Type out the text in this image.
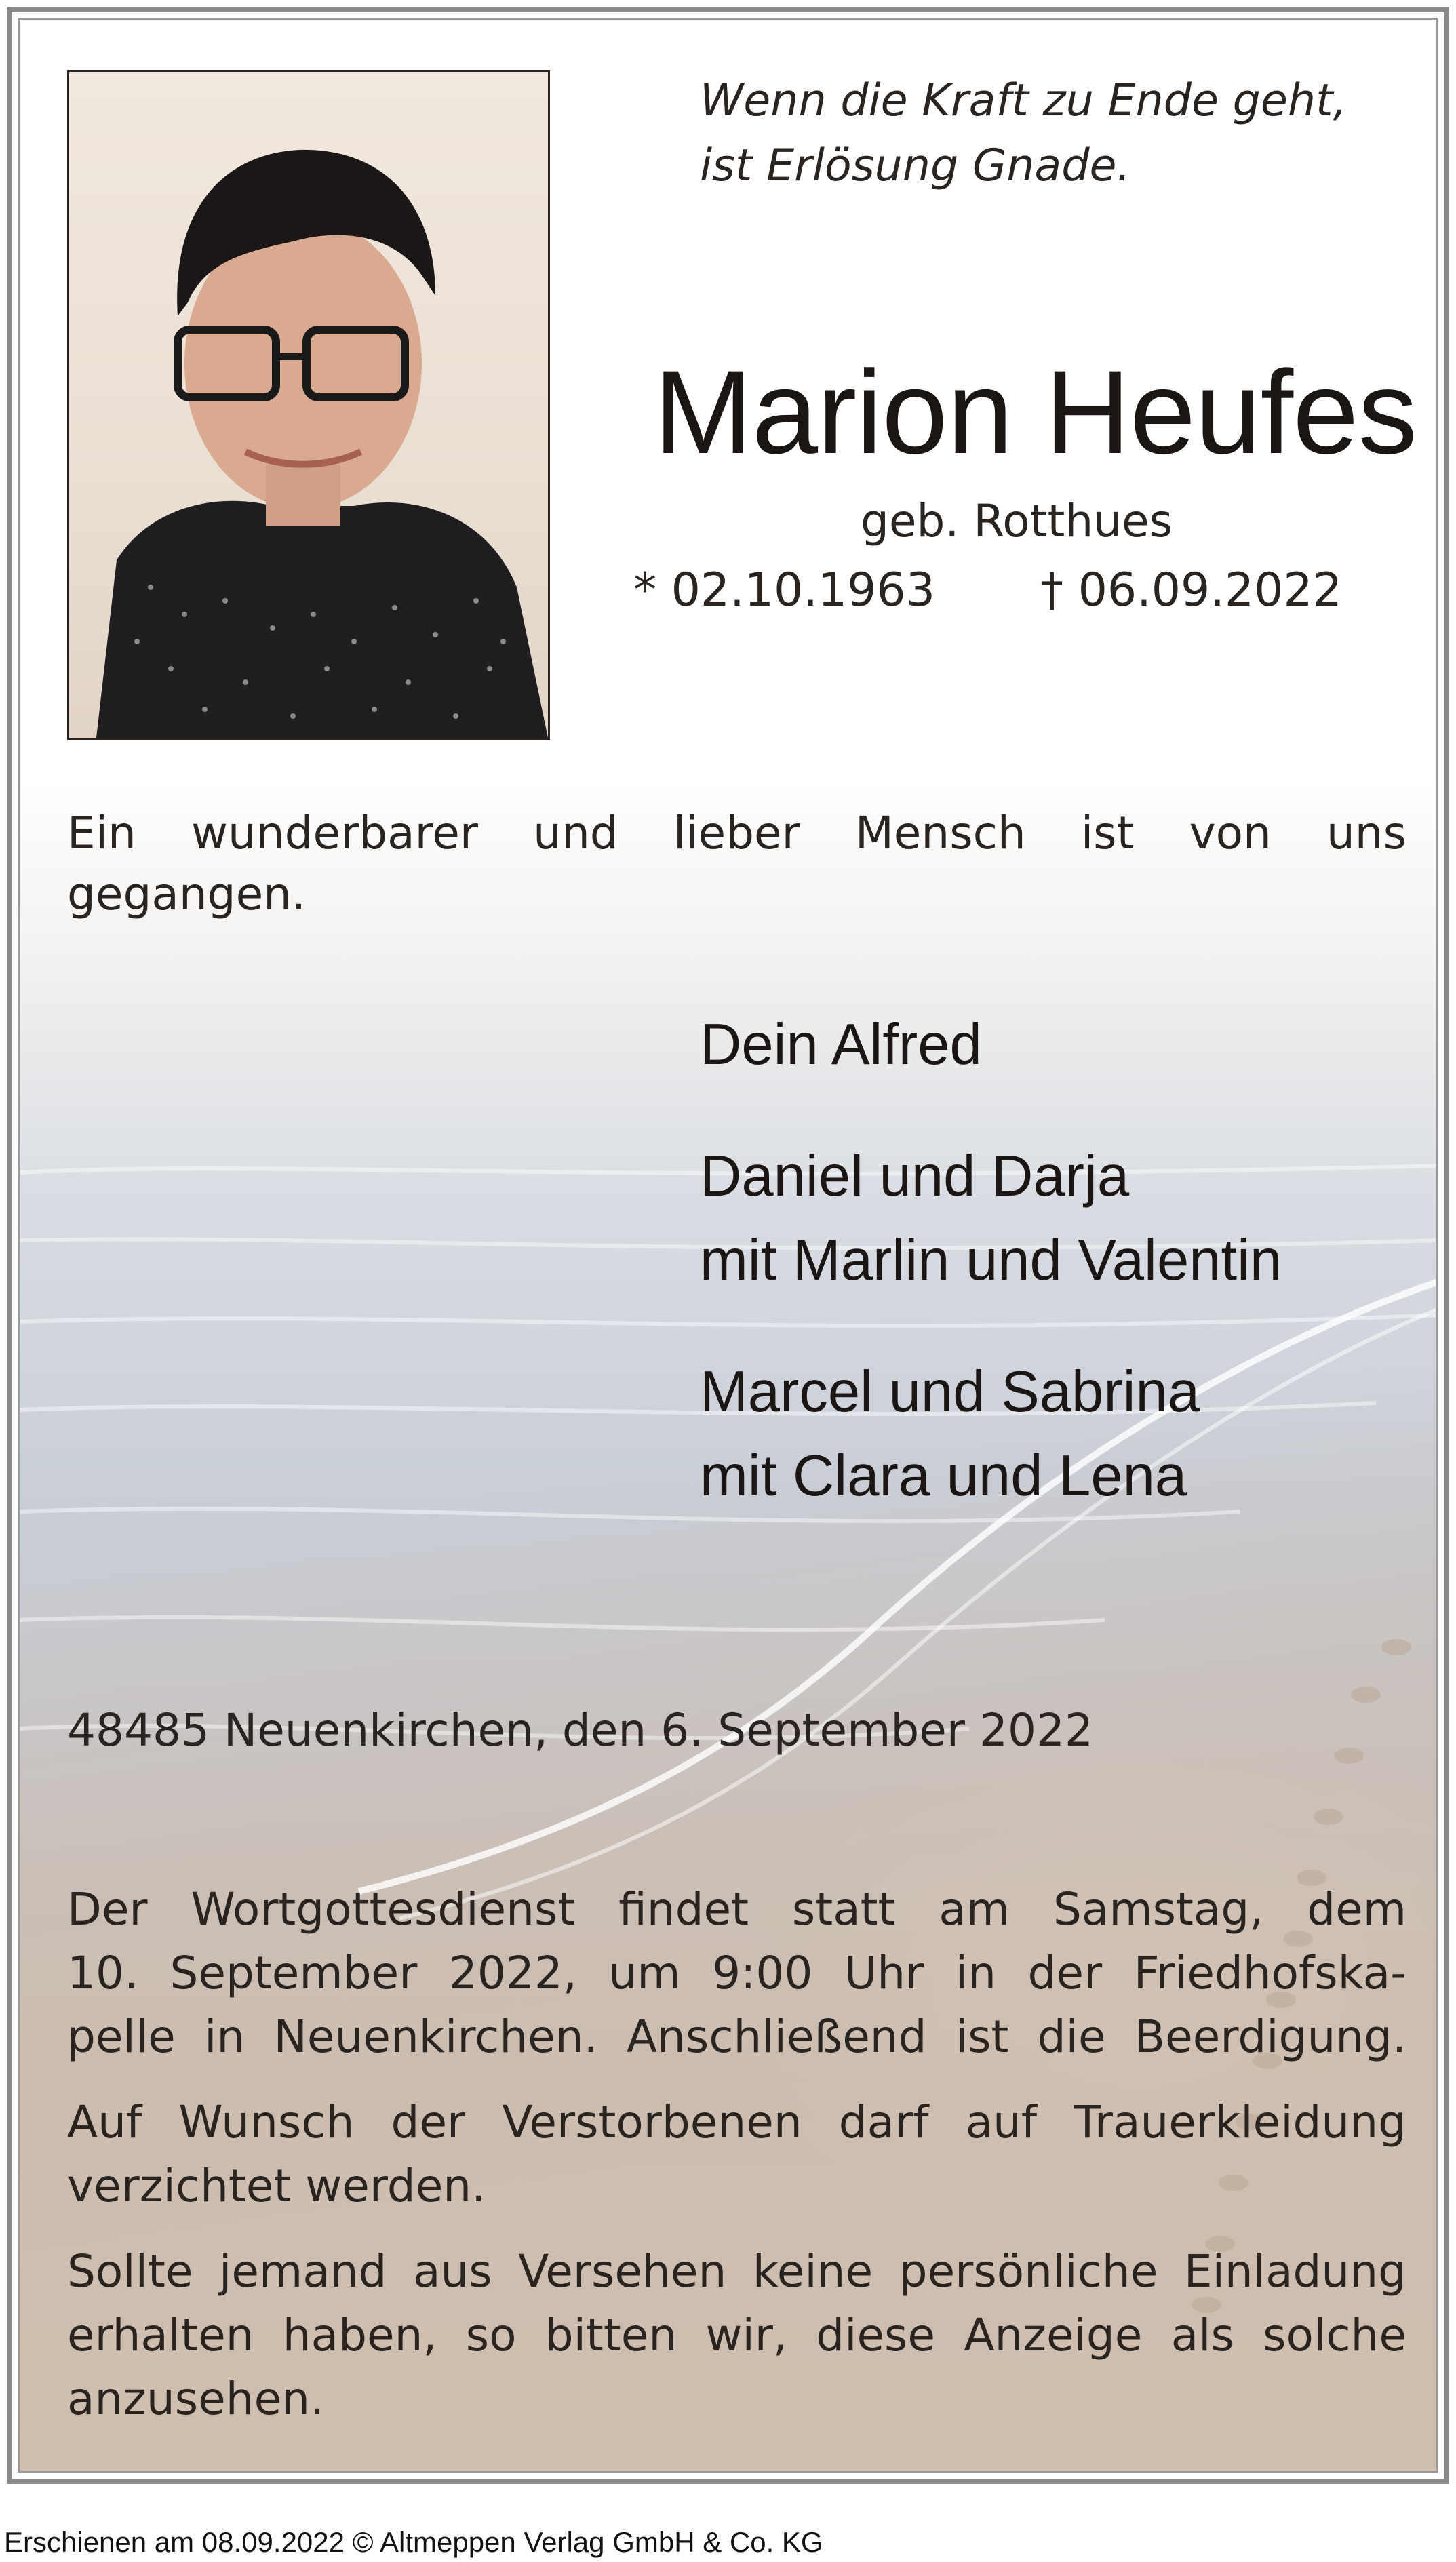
Wenn die Kraft zu Ende geht,
ist Erlösung Gnade.
Marion Heufes
geb. Rotthues
* 02.10.1963 † 06.09.2022
Ein wunderbarer und lieber Mensch ist von uns
gegangen.
Dein Alfred
Daniel und Darja
mit Marlin und Valentin
Marcel und Sabrina
mit Clara und Lena
48485 Neuenkirchen, den 6. September 2022
Der Wortgottesdienst findet statt am Samstag, dem
10. September 2022, um 9:00 Uhr in der Friedhofska-
pelle in Neuenkirchen. Anschließend ist die Beerdigung.
Auf Wunsch der Verstorbenen darf auf Trauerkleidung
verzichtet werden.
Sollte jemand aus Versehen keine persönliche Einladung
erhalten haben, so bitten wir, diese Anzeige als solche
anzusehen.
Erschienen am 08.09.2022 © Altmeppen Verlag GmbH & Co. KG
